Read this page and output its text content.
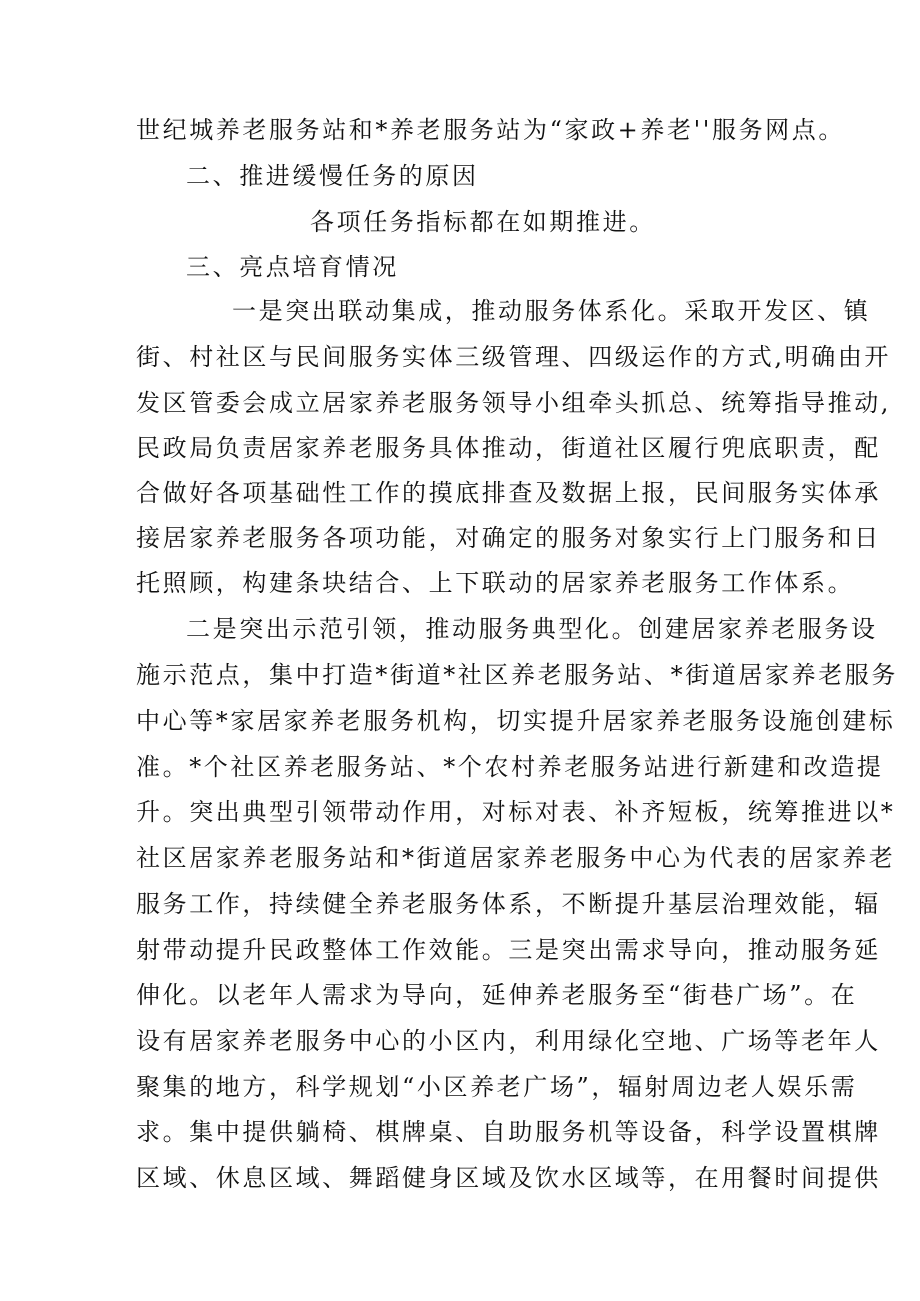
世纪城养老服务站和*养老服务站为“家政+养老''服务网点。
二、推进缓慢任务的原因
各项任务指标都在如期推进。
三、亮点培育情况
一是突出联动集成，推动服务体系化。采取开发区、镇
街、村社区与民间服务实体三级管理、四级运作的方式,明确由开
发区管委会成立居家养老服务领导小组牵头抓总、统筹指导推动,
民政局负责居家养老服务具体推动，街道社区履行兜底职责，配
合做好各项基础性工作的摸底排查及数据上报，民间服务实体承
接居家养老服务各项功能，对确定的服务对象实行上门服务和日
托照顾，构建条块结合、上下联动的居家养老服务工作体系。
二是突出示范引领，推动服务典型化。创建居家养老服务设
施示范点，集中打造*街道*社区养老服务站、*街道居家养老服务
中心等*家居家养老服务机构，切实提升居家养老服务设施创建标
准。*个社区养老服务站、*个农村养老服务站进行新建和改造提
升。突出典型引领带动作用，对标对表、补齐短板，统筹推进以*
社区居家养老服务站和*街道居家养老服务中心为代表的居家养老
服务工作，持续健全养老服务体系，不断提升基层治理效能，辐
射带动提升民政整体工作效能。三是突出需求导向，推动服务延
伸化。以老年人需求为导向，延伸养老服务至“街巷广场”。在
设有居家养老服务中心的小区内，利用绿化空地、广场等老年人
聚集的地方，科学规划“小区养老广场”，辐射周边老人娱乐需
求。集中提供躺椅、棋牌桌、自助服务机等设备，科学设置棋牌
区域、休息区域、舞蹈健身区域及饮水区域等，在用餐时间提供
